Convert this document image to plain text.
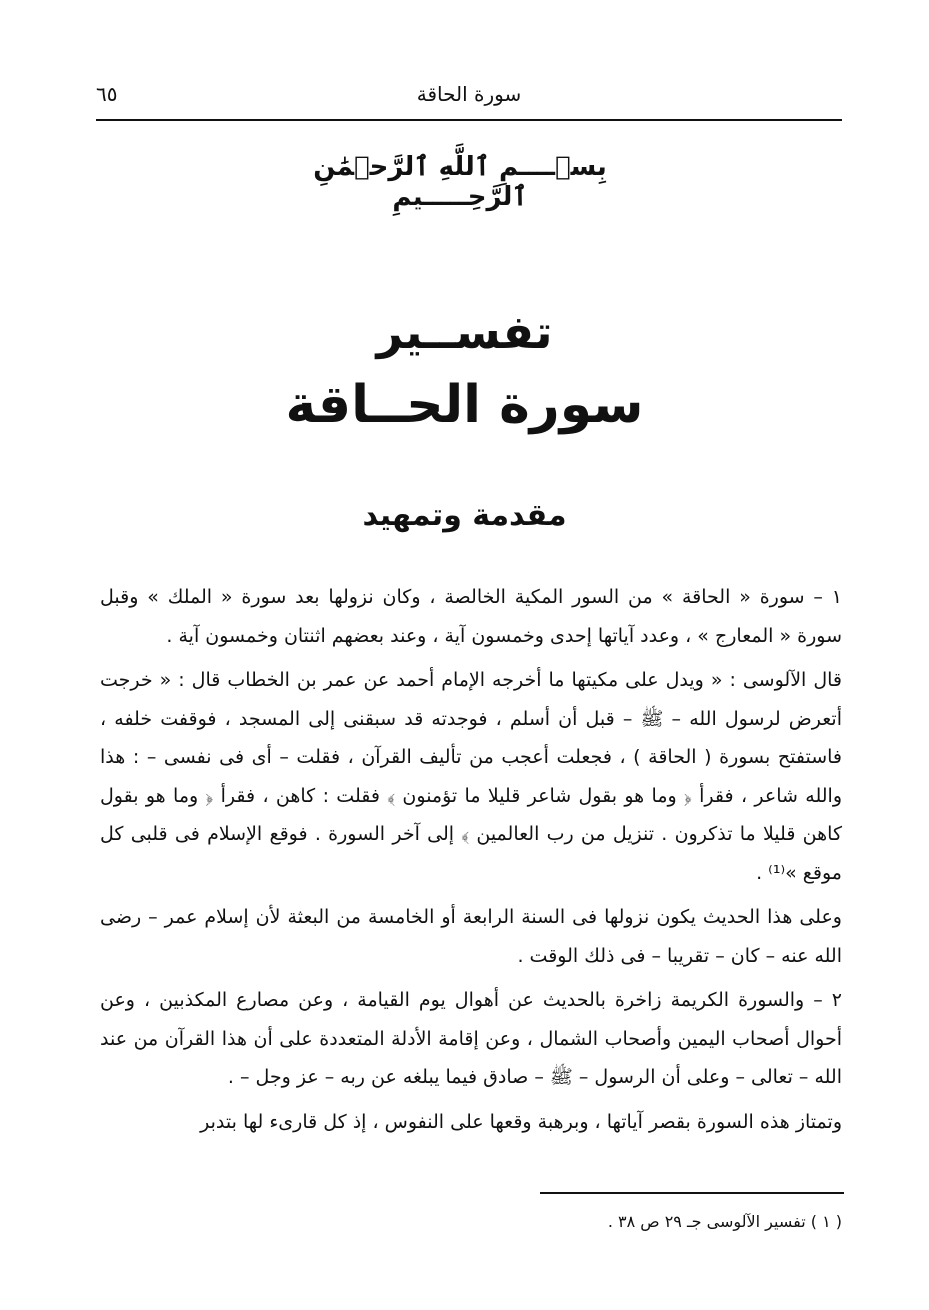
٦٥	سورة الحاقة
بِسۡــــمِ ٱللَّهِ ٱلرَّحۡمَٰنِ ٱلرَّحِـــــيمِ
تفســير
سورة الحــاقة
مقدمة وتمهيد

١ – سورة « الحاقة » من السور المكية الخالصة ، وكان نزولها بعد سورة « الملك » وقبل سورة « المعارج » ، وعدد آياتها إحدى وخمسون آية ، وعند بعضهم اثنتان وخمسون آية .

قال الآلوسى : « ويدل على مكيتها ما أخرجه الإمام أحمد عن عمر بن الخطاب قال : « خرجت أتعرض لرسول الله – ﷺ – قبل أن أسلم ، فوجدته قد سبقنى إلى المسجد ، فوقفت خلفه ، فاستفتح بسورة ( الحاقة ) ، فجعلت أعجب من تأليف القرآن ، فقلت – أى فى نفسى – : هذا والله شاعر ، فقرأ ﴿ وما هو بقول شاعر قليلا ما تؤمنون ﴾ فقلت : كاهن ، فقرأ ﴿ وما هو بقول كاهن قليلا ما تذكرون . تنزيل من رب العالمين ﴾ إلى آخر السورة . فوقع الإسلام فى قلبى كل موقع »⁽¹⁾ .

وعلى هذا الحديث يكون نزولها فى السنة الرابعة أو الخامسة من البعثة لأن إسلام عمر – رضى الله عنه – كان – تقريبا – فى ذلك الوقت .

٢ – والسورة الكريمة زاخرة بالحديث عن أهوال يوم القيامة ، وعن مصارع المكذبين ، وعن أحوال أصحاب اليمين وأصحاب الشمال ، وعن إقامة الأدلة المتعددة على أن هذا القرآن من عند الله – تعالى – وعلى أن الرسول – ﷺ – صادق فيما يبلغه عن ربه – عز وجل – .

وتمتاز هذه السورة بقصر آياتها ، وبرهبة وقعها على النفوس ، إذ كل قارىء لها بتدبر

( ١ ) تفسير الآلوسى جـ ٢٩ ص ٣٨ .
